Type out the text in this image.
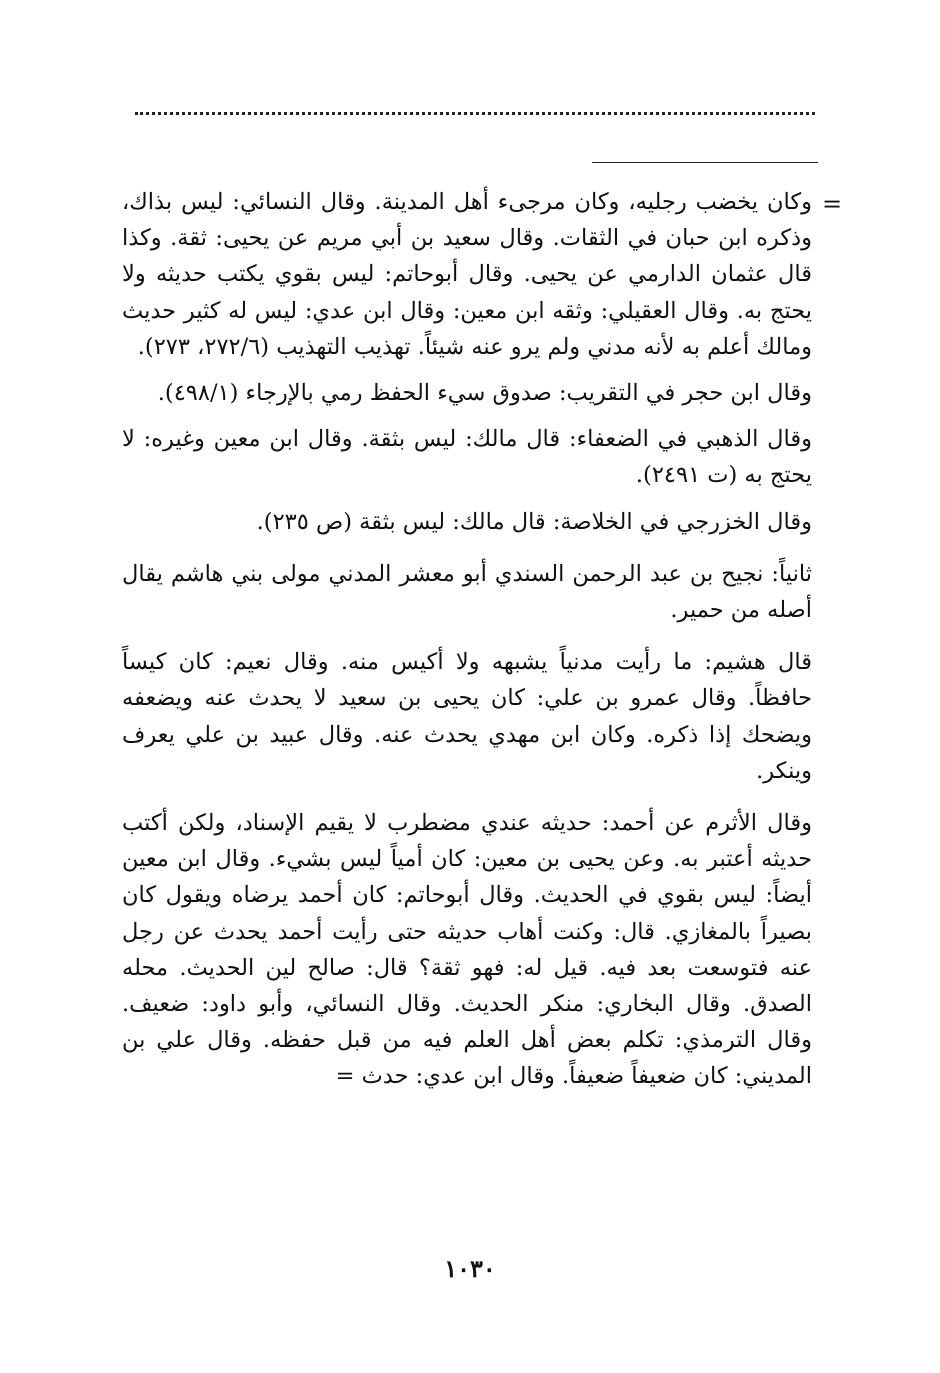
=

وكان يخضب رجليه، وكان مرجىء أهل المدينة. وقال النسائي: ليس بذاك، وذكره ابن حبان في الثقات. وقال سعيد بن أبي مريم عن يحيى: ثقة. وكذا قال عثمان الدارمي عن يحيى. وقال أبوحاتم: ليس بقوي يكتب حديثه ولا يحتج به. وقال العقيلي: وثقه ابن معين: وقال ابن عدي: ليس له كثير حديث ومالك أعلم به لأنه مدني ولم يرو عنه شيئاً. تهذيب التهذيب (٢٧٢/٦، ٢٧٣).

وقال ابن حجر في التقريب: صدوق سيء الحفظ رمي بالإرجاء (٤٩٨/١).

وقال الذهبي في الضعفاء: قال مالك: ليس بثقة. وقال ابن معين وغيره: لا يحتج به (ت ٢٤٩١).

وقال الخزرجي في الخلاصة: قال مالك: ليس بثقة (ص ٢٣٥).

ثانياً: نجيح بن عبد الرحمن السندي أبو معشر المدني مولى بني هاشم يقال أصله من حمير.

قال هشيم: ما رأيت مدنياً يشبهه ولا أكيس منه. وقال نعيم: كان كيساً حافظاً. وقال عمرو بن علي: كان يحيى بن سعيد لا يحدث عنه ويضعفه ويضحك إذا ذكره. وكان ابن مهدي يحدث عنه. وقال عبيد بن علي يعرف وينكر.

وقال الأثرم عن أحمد: حديثه عندي مضطرب لا يقيم الإسناد، ولكن أكتب حديثه أعتبر به. وعن يحيى بن معين: كان أمياً ليس بشيء. وقال ابن معين أيضاً: ليس بقوي في الحديث. وقال أبوحاتم: كان أحمد يرضاه ويقول كان بصيراً بالمغازي. قال: وكنت أهاب حديثه حتى رأيت أحمد يحدث عن رجل عنه فتوسعت بعد فيه. قيل له: فهو ثقة؟ قال: صالح لين الحديث. محله الصدق. وقال البخاري: منكر الحديث. وقال النسائي، وأبو داود: ضعيف. وقال الترمذي: تكلم بعض أهل العلم فيه من قبل حفظه. وقال علي بن المديني: كان ضعيفاً ضعيفاً. وقال ابن عدي: حدث =

١٠٣٠
